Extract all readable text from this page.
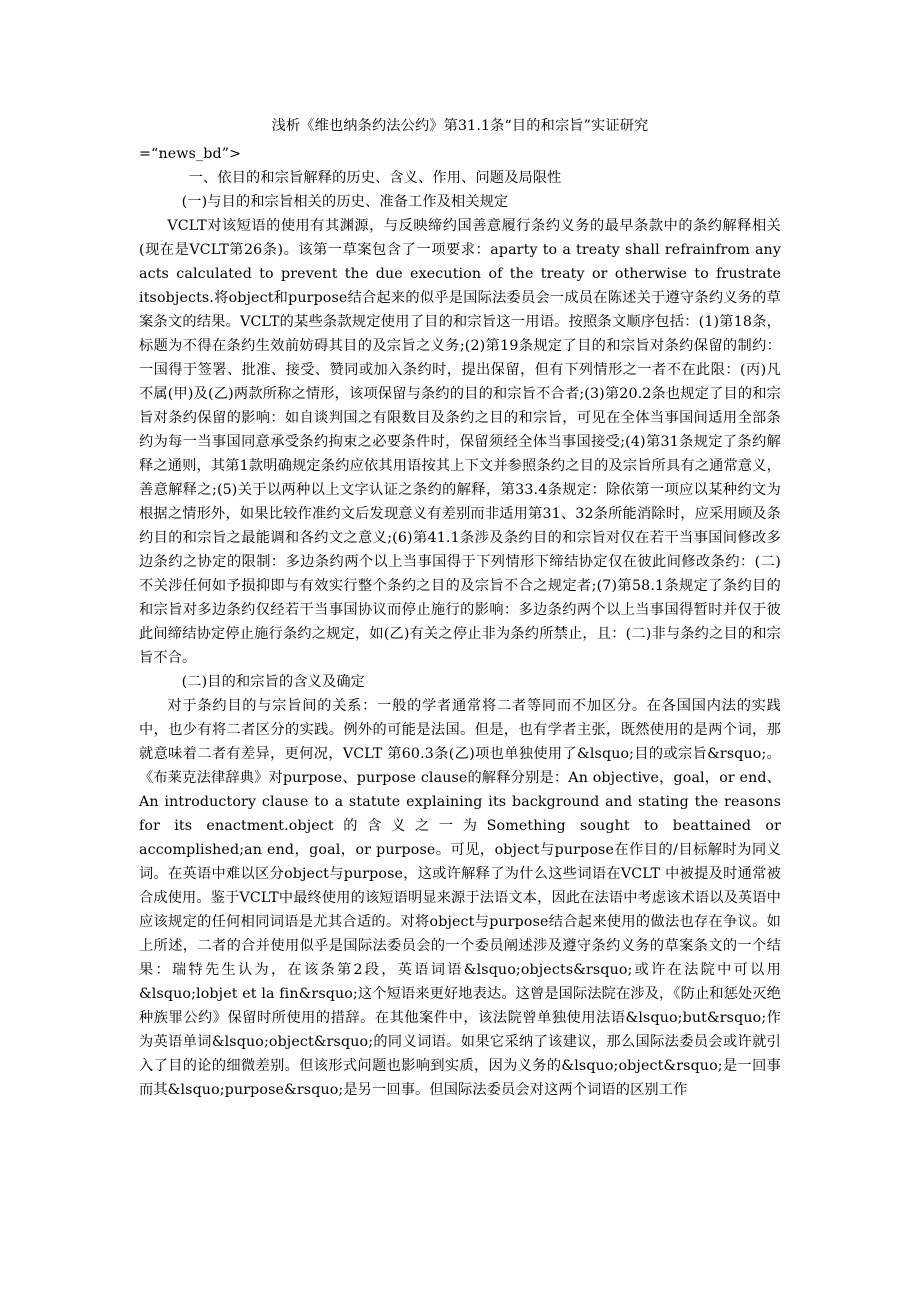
浅析《维也纳条约法公约》第31.1条“目的和宗旨”实证研究

=“news_bd”>

一、依目的和宗旨解释的历史、含义、作用、问题及局限性

(一)与目的和宗旨相关的历史、准备工作及相关规定

VCLT对该短语的使用有其渊源，与反映缔约国善意履行条约义务的最早条款中的条约解释相关(现在是VCLT第26条)。该第一草案包含了一项要求：aparty to a treaty shall refrainfrom any acts calculated to prevent the due execution of the treaty or otherwise to frustrate itsobjects.将object和purpose结合起来的似乎是国际法委员会一成员在陈述关于遵守条约义务的草案条文的结果。VCLT的某些条款规定使用了目的和宗旨这一用语。按照条文顺序包括：(1)第18条，标题为不得在条约生效前妨碍其目的及宗旨之义务;(2)第19条规定了目的和宗旨对条约保留的制约：一国得于签署、批准、接受、赞同或加入条约时，提出保留，但有下列情形之一者不在此限：(丙)凡不属(甲)及(乙)两款所称之情形，该项保留与条约的目的和宗旨不合者;(3)第20.2条也规定了目的和宗旨对条约保留的影响：如自谈判国之有限数目及条约之目的和宗旨，可见在全体当事国间适用全部条约为每一当事国同意承受条约拘束之必要条件时，保留须经全体当事国接受;(4)第31条规定了条约解释之通则，其第1款明确规定条约应依其用语按其上下文并参照条约之目的及宗旨所具有之通常意义，善意解释之;(5)关于以两种以上文字认证之条约的解释，第33.4条规定：除依第一项应以某种约文为根据之情形外，如果比较作准约文后发现意义有差别而非适用第31、32条所能消除时，应采用顾及条约目的和宗旨之最能调和各约文之意义;(6)第41.1条涉及条约目的和宗旨对仅在若干当事国间修改多边条约之协定的限制：多边条约两个以上当事国得于下列情形下缔结协定仅在彼此间修改条约：(二)不关涉任何如予损抑即与有效实行整个条约之目的及宗旨不合之规定者;(7)第58.1条规定了条约目的和宗旨对多边条约仅经若干当事国协议而停止施行的影响：多边条约两个以上当事国得暂时并仅于彼此间缔结协定停止施行条约之规定，如(乙)有关之停止非为条约所禁止，且：(二)非与条约之目的和宗旨不合。

(二)目的和宗旨的含义及确定

对于条约目的与宗旨间的关系：一般的学者通常将二者等同而不加区分。在各国国内法的实践中，也少有将二者区分的实践。例外的可能是法国。但是，也有学者主张，既然使用的是两个词，那就意味着二者有差异，更何况，VCLT 第60.3条(乙)项也单独使用了&lsquo;目的或宗旨&rsquo;。《布莱克法律辞典》对purpose、purpose clause的解释分别是：An objective，goal，or end、An introductory clause to a statute explaining its background and stating the reasons for its enactment.object的含义之一为Something sought to beattained or accomplished;an end，goal，or purpose。可见，object与purpose在作目的/目标解时为同义词。在英语中难以区分object与purpose，这或许解释了为什么这些词语在VCLT 中被提及时通常被合成使用。鉴于VCLT中最终使用的该短语明显来源于法语文本，因此在法语中考虑该术语以及英语中应该规定的任何相同词语是尤其合适的。对将object与purpose结合起来使用的做法也存在争议。如上所述，二者的合并使用似乎是国际法委员会的一个委员阐述涉及遵守条约义务的草案条文的一个结果：瑞特先生认为，在该条第2段，英语词语&lsquo;objects&rsquo;或许在法院中可以用&lsquo;lobjet et la fin&rsquo;这个短语来更好地表达。这曾是国际法院在涉及，《防止和惩处灭绝种族罪公约》保留时所使用的措辞。在其他案件中，该法院曾单独使用法语&lsquo;but&rsquo;作为英语单词&lsquo;object&rsquo;的同义词语。如果它采纳了该建议，那么国际法委员会或许就引入了目的论的细微差别。但该形式问题也影响到实质，因为义务的&lsquo;object&rsquo;是一回事而其&lsquo;purpose&rsquo;是另一回事。但国际法委员会对这两个词语的区别工作
